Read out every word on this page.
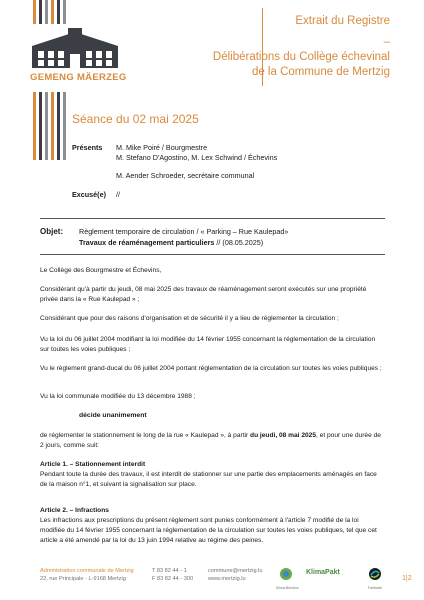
GEMENG MÄERZEG
Extrait du Registre
–
Délibérations du Collège échevinal
de la Commune de Mertzig
Séance du 02 mai 2025
Présents M. Mike Poiré / Bourgmestre
M. Stefano D'Agostino, M. Lex Schwind / Échevins
M. Aender Schroeder, secrétaire communal
Excusé(e) //
Objet: Règlement temporaire de circulation / « Parking – Rue Kaulepad»
Travaux de réaménagement particuliers // (08.05.2025)
Le Collège des Bourgmestre et Échevins,
Considérant qu'à partir du jeudi, 08 mai 2025 des travaux de réaménagement seront exécutés sur une propriété privée dans la « Rue Kaulepad » ;
Considérant que pour des raisons d'organisation et de sécurité il y a lieu de réglementer la circulation ;
Vu la loi du 06 juillet 2004 modifiant la loi modifiée du 14 février 1955 concernant la réglementation de la circulation sur toutes les voies publiques ;
Vu le règlement grand-ducal du 06 juillet 2004 portant réglementation de la circulation sur toutes les voies publiques ;
Vu la loi communale modifiée du 13 décembre 1988 ;
décide unanimement
de réglementer le stationnement le long de la rue « Kaulepad », à partir du jeudi, 08 mai 2025, et pour une durée de 2 jours, comme suit:
Article 1. – Stationnement interdit
Pendant toute la durée des travaux, il est interdit de stationner sur une partie des emplacements aménagés en face de la maison n°1, et suivant la signalisation sur place.
Article 2. – Infractions
Les infractions aux prescriptions du présent règlement sont punies conformément à l'article 7 modifié de la loi modifiée du 14 février 1955 concernant la réglementation de la circulation sur toutes les voies publiques, tel que cet article a été amendé par la loi du 13 juin 1994 relative au régime des peines.
Administration communale de Mertzig
22, rue Principale · L-9168 Mertzig
T 83 82 44 - 1
F 83 82 44 - 300
commune@mertzig.lu
www.mertzig.lu
Klima-Bündnis
KlimaPakt
Fairtrade
1|2
